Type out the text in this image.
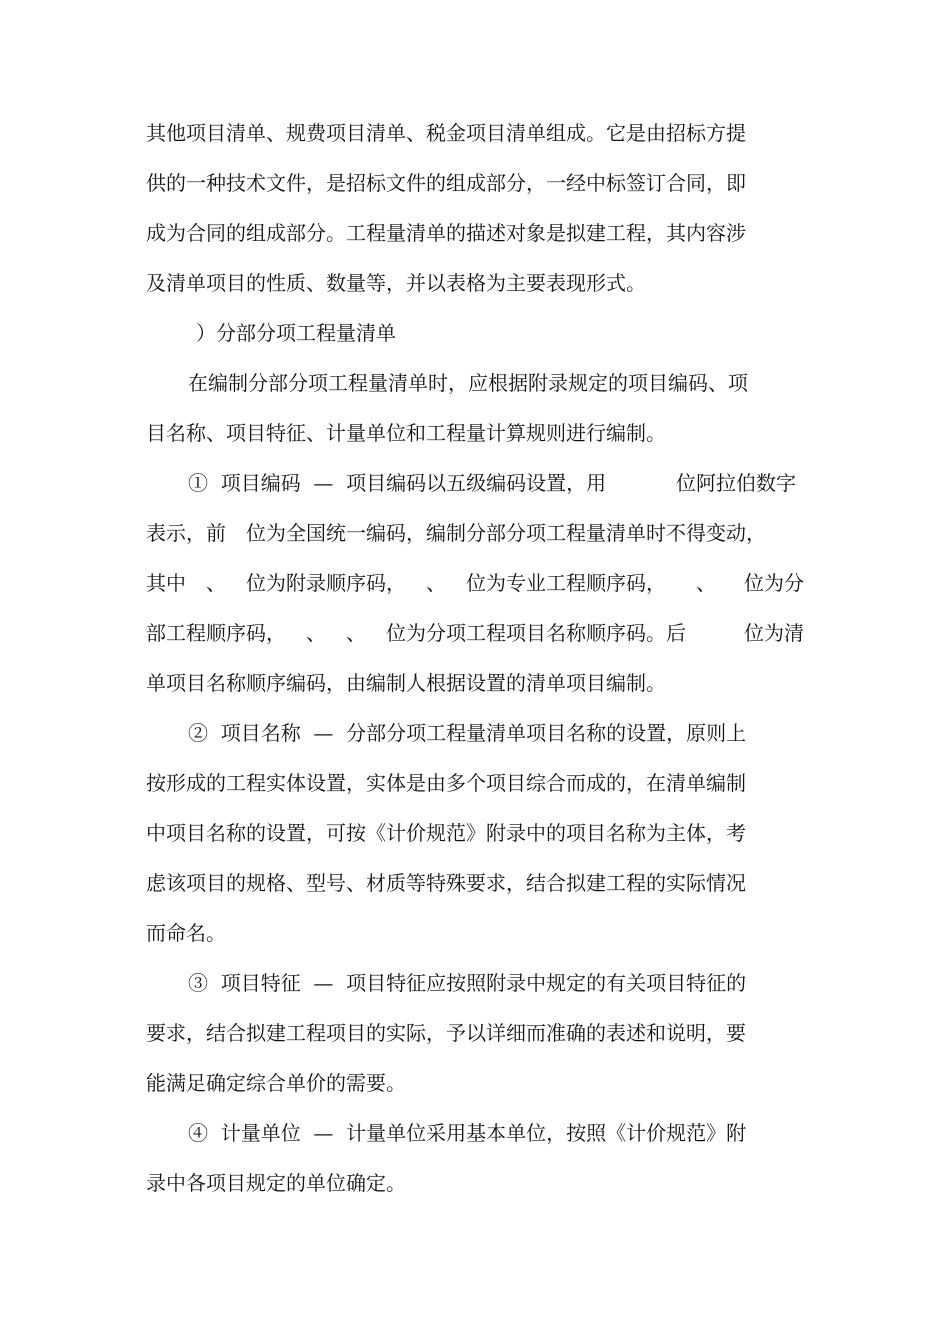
其他项目清单、规费项目清单、税金项目清单组成。它是由招标方提

供的一种技术文件，是招标文件的组成部分，一经中标签订合同，即

成为合同的组成部分。工程量清单的描述对象是拟建工程，其内容涉

及清单项目的性质、数量等，并以表格为主要表现形式。

）分部分项工程量清单

在编制分部分项工程量清单时，应根据附录规定的项目编码、项

目名称、项目特征、计量单位和工程量计算规则进行编制。

①  项目编码  —  项目编码以五级编码设置，用

	位阿拉伯数字

表示，前

位为全国统一编码，编制分部分项工程量清单时不得变动，

其中

、

位为附录顺序码，

、

位为专业工程顺序码，

、

位为分

部工程顺序码，

、

、

位为分项工程项目名称顺序码。后

	位为清

单项目名称顺序编码，由编制人根据设置的清单项目编制。

②  项目名称  —  分部分项工程量清单项目名称的设置，原则上

按形成的工程实体设置，实体是由多个项目综合而成的，在清单编制

中项目名称的设置，可按《计价规范》附录中的项目名称为主体，考

虑该项目的规格、型号、材质等特殊要求，结合拟建工程的实际情况

而命名。

③  项目特征  —  项目特征应按照附录中规定的有关项目特征的

要求，结合拟建工程项目的实际，予以详细而准确的表述和说明，要

能满足确定综合单价的需要。

④  计量单位  —  计量单位采用基本单位，按照《计价规范》附

录中各项目规定的单位确定。
